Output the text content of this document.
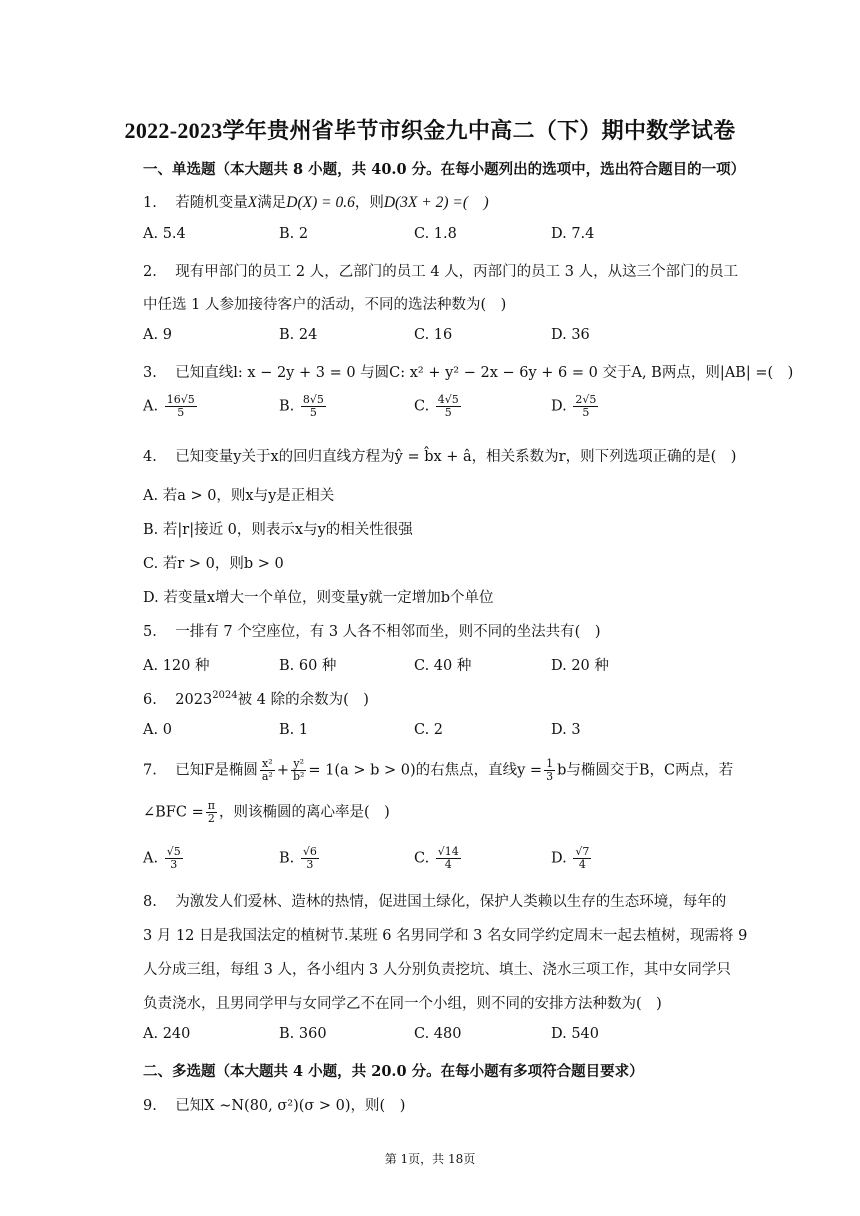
2022-2023学年贵州省毕节市织金九中高二（下）期中数学试卷
一、单选题（本大题共 8 小题，共 40.0 分。在每小题列出的选项中，选出符合题目的一项）
1. 若随机变量X满足D(X) = 0.6，则D(3X + 2) =(　)
A. 5.4	B. 2	C. 1.8	D. 7.4
2. 现有甲部门的员工 2 人，乙部门的员工 4 人，丙部门的员工 3 人，从这三个部门的员工
中任选 1 人参加接待客户的活动，不同的选法种数为(　)
A. 9	B. 24	C. 16	D. 36
3. 已知直线l: x − 2y + 3 = 0 与圆C: x² + y² − 2x − 6y + 6 = 0 交于A, B两点，则|AB| =(　)
A. $\frac{16√5}{5}$	B. $\frac{8√5}{5}$	C. $\frac{4√5}{5}$	D. $\frac{2√5}{5}$
4. 已知变量y关于x的回归直线方程为ŷ = b̂x + â，相关系数为r，则下列选项正确的是(　)
A. 若a > 0，则x与y是正相关
B. 若|r|接近 0，则表示x与y的相关性很强
C. 若r > 0，则b > 0
D. 若变量x增大一个单位，则变量y就一定增加b个单位
5. 一排有 7 个空座位，有 3 人各不相邻而坐，则不同的坐法共有(　)
A. 120 种	B. 60 种	C. 40 种	D. 20 种
6. $2023^{2024}$被 4 除的余数为(　)
A. 0	B. 1	C. 2	D. 3
7. 已知F是椭圆 $\frac{\text{x²}}{\text{a²}} + \frac{\text{y²}}{\text{b²}} = 1(a > b > 0)$的右焦点，直线$y = \frac{1}{3}$ b与椭圆交于B，C两点，若
∠BFC = $\frac{\pi}{2}$ ，则该椭圆的离心率是(　)
A. $\frac{√5}{3}$	B. $\frac{√6}{3}$	C. $\frac{√14}{4}$	D. $\frac{√7}{4}$
8. 为激发人们爱林、造林的热情，促进国土绿化，保护人类赖以生存的生态环境，每年的
3 月 12 日是我国法定的植树节.某班 6 名男同学和 3 名女同学约定周末一起去植树，现需将 9
人分成三组，每组 3 人，各小组内 3 人分别负责挖坑、填土、浇水三项工作，其中女同学只
负责浇水，且男同学甲与女同学乙不在同一个小组，则不同的安排方法种数为(　)
A. 240	B. 360	C. 480	D. 540
二、多选题（本大题共 4 小题，共 20.0 分。在每小题有多项符合题目要求）
9. 已知X ∼N(80, σ²)(σ > 0)，则(　)
第 1页，共 18页
